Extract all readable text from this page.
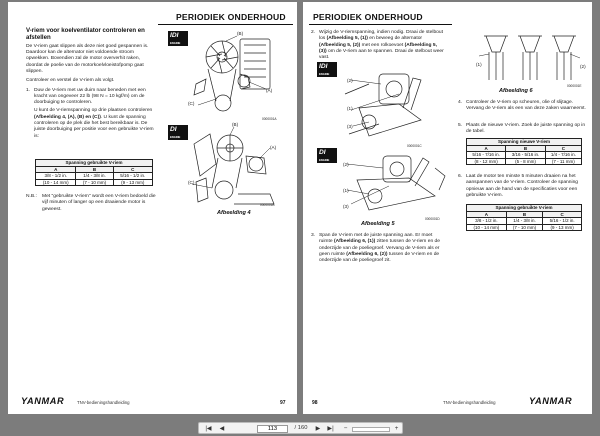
PERIODIEK ONDERHOUD
V-riem voor koelventilator controleren en afstellen
De V-riem gaat slippen als deze niet goed gespannen is. Daardoor kan de alternator niet voldoende stroom opwekken. Bovendien zal de motor oververhit raken, doordat de poelie van de motorkoelvloeistofpomp gaat slippen.
Controleer en verstel de V-riem als volgt.
1. Duw de V-riem met uw duim naar beneden met een kracht van ongeveer 22 lb (98 N = 10 kgf/m) om de doorbuiging te controleren.
U kunt de V-riemspanning op drie plaatsen controleren (Afbeelding 4, (A), (B) en (C)). U kunt de spanning controleren op de plek die het best bereikbaar is. De juiste doorbuiging per positie voor een gebruikte V-riem is:
Spanning gebruikte V-riem		
A	B	C
3/8 - 1/2 in.	1/4 - 3/8 in.	5/16 - 1/2 in.
(10 - 14 mm)	(7 - 10 mm)	(9 - 13 mm)
N.B.:	Met "gebruikte V-riem" wordt een V-riem bedoeld die vijf minuten of langer op een draaiende motor is geweest.
IDI
ENGINE
DI
ENGINE
(B)
(A)
(C)
0000001A
(B)
(A)
(C)
0000001B
Afbeelding 4
YANMAR	TNV-bedieningshandleiding	97
PERIODIEK ONDERHOUD
2. Wijzig de V-riemspanning, indien nodig. Draai de stelbout los (Afbeelding 5, (1)) en beweeg de alternator (Afbeelding 5, (2)) met een rolkoevoet (Afbeelding 5, (3)) om de V-riem aan te spannen. Draai de stelbout weer vast.
IDI
ENGINE
DI
ENGINE
(2)
(1)
(3)
0000001C
(2)
(1)
(3)
0000001D
Afbeelding 5
3. Span de V-riem met de juiste spanning aan. Er moet ruimte (Afbeelding 6, (1)) zitten tussen de V-riem en de onderzijde van de poeliegroef. Vervang de V-riem als er geen ruimte (Afbeelding 6, (2)) tussen de V-riem en de onderzijde van de poeliegroef zit.
(1)	(2)
0000001E
Afbeelding 6
4. Controleer de V-riem op scheuren, olie of slijtage. Vervang de V-riem als een van deze zaken waarneemt.
5. Plaats de nieuwe V-riem. Zoek de juiste spanning op in de tabel.
Spanning nieuwe V-riem		
A	B	C
5/16 - 7/16 in.	3/16 - 5/16 in.	1/4 - 7/16 in.
(8 - 12 mm)	(5 - 8 mm)	(7 - 11 mm)
6. Laat de motor ten minste 5 minuten draaien na het aanspannen van de V-riem. Controleer de spanning opnieuw aan de hand van de specificaties voor een gebruikte V-riem.
Spanning gebruikte V-riem		
A	B	C
3/8 - 1/2 in.	1/4 - 3/8 in.	5/16 - 1/2 in.
(10 - 14 mm)	(7 - 10 mm)	(9 - 13 mm)
98	TNV-bedieningshandleiding	YANMAR
|◀	◀
113	/ 160	▶	▶|	−	+
